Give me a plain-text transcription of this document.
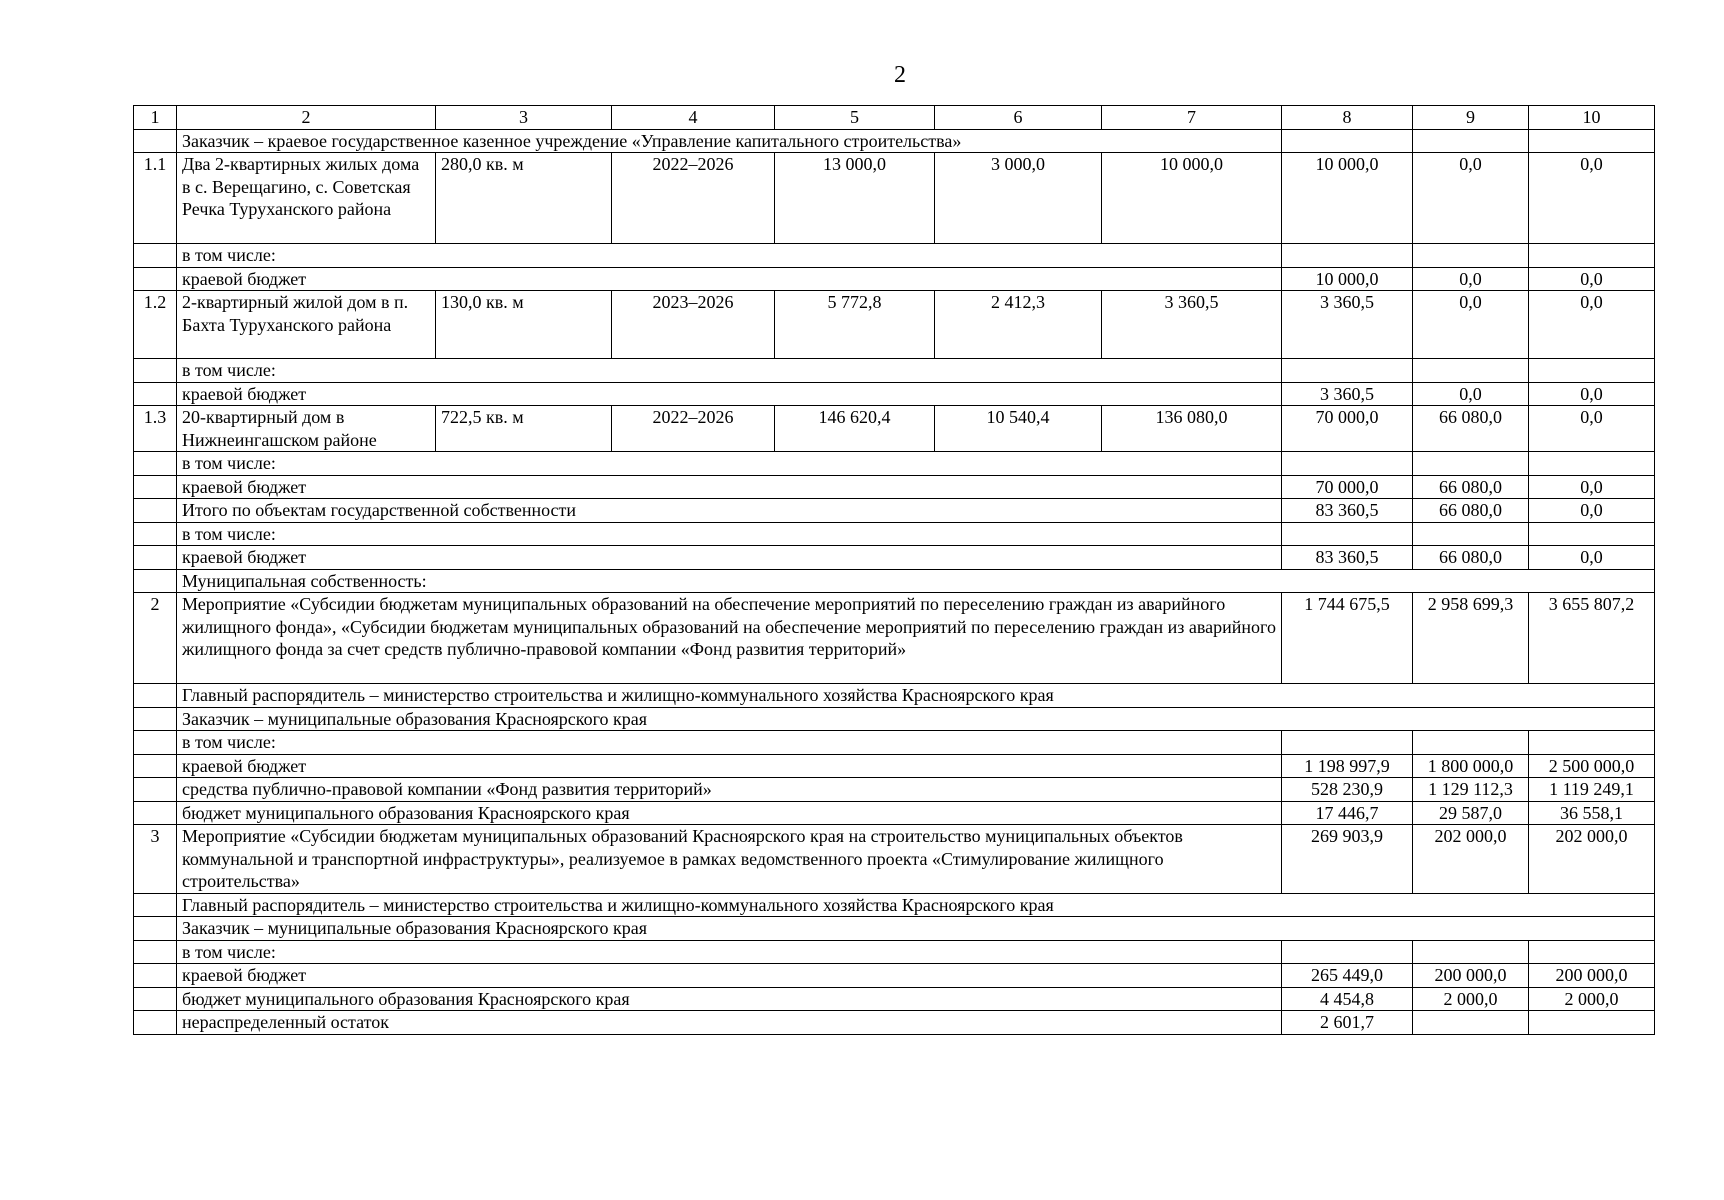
2
1	2	3	4	5	6	7	8	9	10
	Заказчик – краевое государственное казенное учреждение «Управление капитального строительства»								
1.1	Два 2-квартирных жилых дома в с. Верещагино, с. Советская Речка Туруханского района	280,0 кв. м	2022–2026	13 000,0	3 000,0	10 000,0	10 000,0	0,0	0,0
	в том числе:								
	краевой бюджет						10 000,0	0,0	0,0
1.2	2-квартирный жилой дом в п. Бахта Туруханского района	130,0 кв. м	2023–2026	5 772,8	2 412,3	3 360,5	3 360,5	0,0	0,0
	в том числе:								
	краевой бюджет						3 360,5	0,0	0,0
1.3	20-квартирный дом в Нижнеингашском районе	722,5 кв. м	2022–2026	146 620,4	10 540,4	136 080,0	70 000,0	66 080,0	0,0
	в том числе:								
	краевой бюджет						70 000,0	66 080,0	0,0
	Итого по объектам государственной собственности						83 360,5	66 080,0	0,0
	в том числе:								
	краевой бюджет						83 360,5	66 080,0	0,0
	Муниципальная собственность:								
2	Мероприятие «Субсидии бюджетам муниципальных образований на обеспечение мероприятий по переселению граждан из аварийного жилищного фонда», «Субсидии бюджетам муниципальных образований на обеспечение мероприятий по переселению граждан из аварийного жилищного фонда за счет средств публично-правовой компании «Фонд развития территорий»						1 744 675,5	2 958 699,3	3 655 807,2
	Главный распорядитель – министерство строительства и жилищно-коммунального хозяйства Красноярского края								
	Заказчик – муниципальные образования Красноярского края								
	в том числе:								
	краевой бюджет						1 198 997,9	1 800 000,0	2 500 000,0
	средства публично-правовой компании «Фонд развития территорий»						528 230,9	1 129 112,3	1 119 249,1
	бюджет муниципального образования Красноярского края						17 446,7	29 587,0	36 558,1
3	Мероприятие «Субсидии бюджетам муниципальных образований Красноярского края на строительство муниципальных объектов коммунальной и транспортной инфраструктуры», реализуемое в рамках ведомственного проекта «Стимулирование жилищного строительства»						269 903,9	202 000,0	202 000,0
	Главный распорядитель – министерство строительства и жилищно-коммунального хозяйства Красноярского края								
	Заказчик – муниципальные образования Красноярского края								
	в том числе:								
	краевой бюджет						265 449,0	200 000,0	200 000,0
	бюджет муниципального образования Красноярского края						4 454,8	2 000,0	2 000,0
	нераспределенный остаток						2 601,7		
